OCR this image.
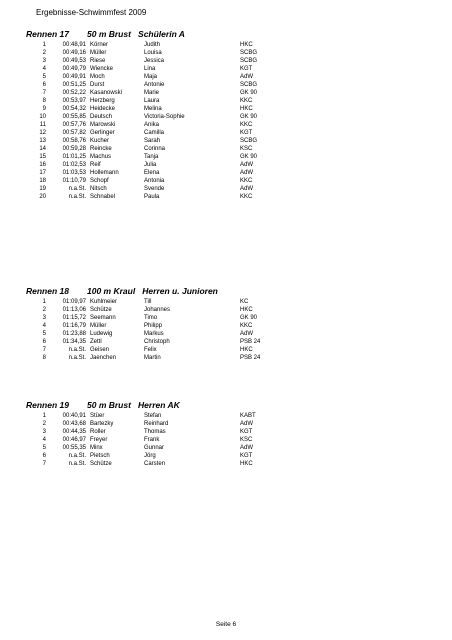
Ergebnisse-Schwimmfest 2009
Rennen 17 50 m Brust Schülerin A
1	00:48,91	Körner	Judith	HKC
2	00:49,16	Müller	Louisa	SCBG
3	00:49,53	Riese	Jessica	SCBG
4	00:49,79	Wiencke	Lina	KGT
5	00:49,91	Moch	Maja	AdW
6	00:51,25	Durst	Antonie	SCBG
7	00:52,22	Kasanowski	Marie	GK 90
8	00:53,97	Herzberg	Laura	KKC
9	00:54,32	Heidecke	Melina	HKC
10	00:55,85	Deutsch	Victoria-Sophie	GK 90
11	00:57,76	Marowski	Anika	KKC
12	00:57,82	Gerlinger	Camilla	KGT
13	00:58,76	Kucher	Sarah	SCBG
14	00:59,28	Reincke	Corinna	KSC
15	01:01,25	Machus	Tanja	GK 90
16	01:02,53	Reif	Julia	AdW
17	01:03,53	Hollemann	Elena	AdW
18	01:10,79	Schopf	Antonia	KKC
19	n.a.St.	Nitsch	Svende	AdW
20	n.a.St.	Schnabel	Paula	KKC
Rennen 18 100 m Kraul Herren u. Junioren
1	01:09,97	Kuhlmeier	Till	KC
2	01:13,06	Schütze	Johannes	HKC
3	01:15,72	Seemann	Timo	GK 90
4	01:16,79	Müller	Philipp	KKC
5	01:23,88	Ludewig	Markus	AdW
6	01:34,35	Zettl	Christoph	PSB 24
7	n.a.St.	Geisen	Felix	HKC
8	n.a.St.	Jaenchen	Martin	PSB 24
Rennen 19 50 m Brust Herren AK
1	00:40,91	Stüer	Stefan	KABT
2	00:43,68	Bartezky	Reinhard	AdW
3	00:44,35	Roller	Thomas	KGT
4	00:46,97	Freyer	Frank	KSC
5	00:55,35	Minx	Gunnar	AdW
6	n.a.St.	Pietsch	Jörg	KGT
7	n.a.St.	Schütze	Carsten	HKC
Seite 6
